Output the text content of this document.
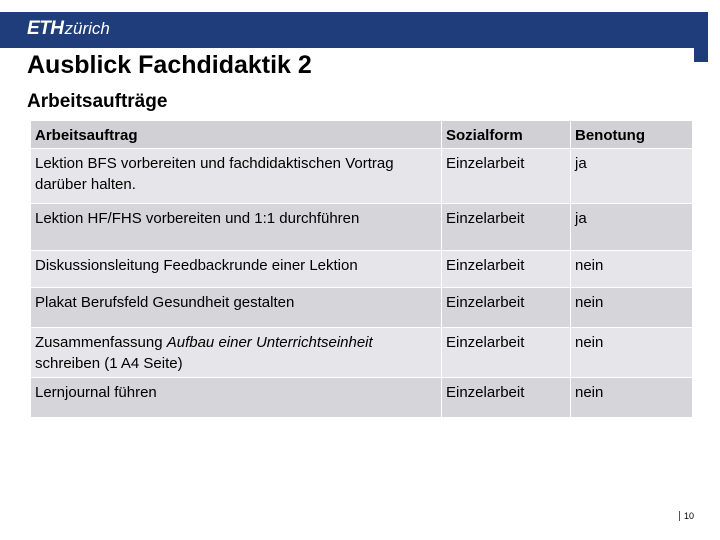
ETH zürich
Ausblick Fachdidaktik 2
Arbeitsaufträge
Arbeitsauftrag	Sozialform	Benotung
Lektion BFS vorbereiten und fachdidaktischen Vortrag darüber halten.	Einzelarbeit	ja
Lektion HF/FHS vorbereiten und 1:1 durchführen	Einzelarbeit	ja
Diskussionsleitung Feedbackrunde einer Lektion	Einzelarbeit	nein
Plakat Berufsfeld Gesundheit gestalten	Einzelarbeit	nein
Zusammenfassung Aufbau einer Unterrichtseinheit schreiben (1 A4 Seite)	Einzelarbeit	nein
Lernjournal führen	Einzelarbeit	nein
10
